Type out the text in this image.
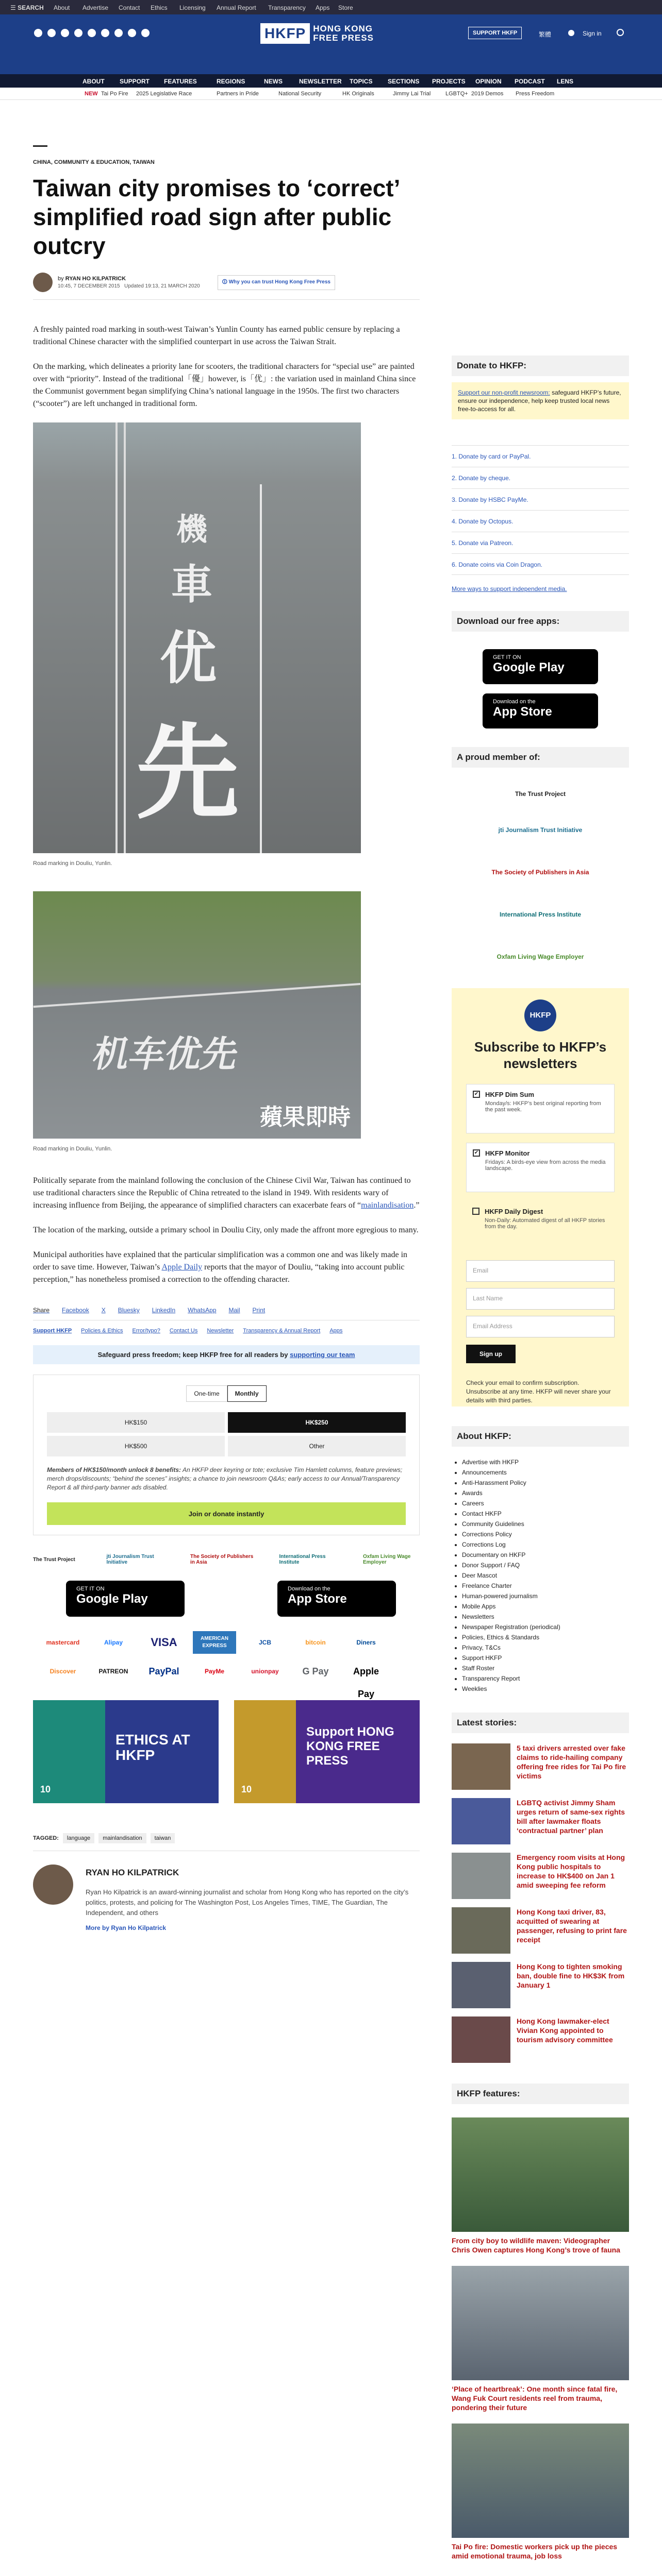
☰ SEARCH About Advertise Contact Ethics Licensing Annual Report Transparency Apps Store
HKFP HONG KONG
FREE PRESS	SUPPORT HKFP	繁體	Sign in
ABOUT SUPPORT FEATURES	REGIONS	NEWS	NEWSLETTER TOPICS SECTIONS PROJECTS OPINION PODCAST LENS
NEW Tai Po Fire 2025 Legislative Race	Partners in Pride	National Security	HK Originals	Jimmy Lai Trial	LGBTQ+ 2019 Demos Press Freedom
CHINA, COMMUNITY & EDUCATION, TAIWAN
Taiwan city promises to ‘correct’ simplified road sign after public outcry
by RYAN HO KILPATRICK
10:45, 7 DECEMBER 2015 Updated 19:13, 21 MARCH 2020
🛈 Why you can trust Hong Kong Free Press

A freshly painted road marking in south-west Taiwan’s Yunlin County has earned public censure by replacing a traditional Chinese character with the simplified counterpart in use across the Taiwan Strait.

On the marking, which delineates a priority lane for scooters, the traditional characters for “special use” are painted over with “priority”. Instead of the traditional「優」however, is「优」: the variation used in mainland China since the Communist government began simplifying China’s national language in the 1950s. The first two characters (“scooter”) are left unchanged in traditional form.

機
車
优
先
Road marking in Douliu, Yunlin.
机车优先
蘋果即時
Road marking in Douliu, Yunlin.

Politically separate from the mainland following the conclusion of the Chinese Civil War, Taiwan has continued to use traditional characters since the Republic of China retreated to the island in 1949. With residents wary of increasing influence from Beijing, the appearance of simplified characters can exacerbate fears of “mainlandisation.”

The location of the marking, outside a primary school in Douliu City, only made the affront more egregious to many.

Municipal authorities have explained that the particular simplification was a common one and was likely made in order to save time. However, Taiwan’s Apple Daily reports that the mayor of Douliu, “taking into account public perception,” has nonetheless promised a correction to the offending character.

Share Facebook X Bluesky LinkedIn WhatsApp Mail Print
Support HKFP Policies & Ethics Error/typo? Contact Us Newsletter Transparency & Annual Report Apps
Safeguard press freedom; keep HKFP free for all readers by supporting our team
One-time	Monthly
HK$150	HK$250
HK$500	Other

Members of HK$150/month unlock 8 benefits: An HKFP deer keyring or tote; exclusive Tim Hamlett columns, feature previews; merch drops/discounts; “behind the scenes” insights; a chance to join newsroom Q&As; early access to our Annual/Transparency Report & all third-party banner ads disabled.

Join or donate instantly
The Trust Project	jti Journalism Trust Initiative
The Society of Publishers in Asia
International Press Institute
Oxfam Living Wage Employer
GET IT ON
Google Play
Download on the
App Store
mastercard	Alipay	VISA	AMERICAN EXPRESS	JCB	bitcoin	Diners
Discover	PATREON	PayPal	PayMe	unionpay	G Pay	Apple Pay
ETHICS AT HKFP
10
Support HONG KONG FREE PRESS
10
TAGGED:	language	mainlandisation	taiwan
RYAN HO KILPATRICK

Ryan Ho Kilpatrick is an award-winning journalist and scholar from Hong Kong who has reported on the city’s politics, protests, and policing for The Washington Post, Los Angeles Times, TIME, The Guardian, The Independent, and others

More by Ryan Ho Kilpatrick
Donate to HKFP:

Support our non-profit newsroom: safeguard HKFP’s future, ensure our independence, help keep trusted local news free-to-access for all.

1. Donate by card or PayPal.
2. Donate by cheque.
3. Donate by HSBC PayMe.
4. Donate by Octopus.
5. Donate via Patreon.
6. Donate coins via Coin Dragon.
More ways to support independent media.
Download our free apps:
GET IT ON
Google Play
Download on the
App Store
A proud member of:
The Trust Project
jti Journalism Trust Initiative
The Society of Publishers in Asia
International Press Institute
Oxfam Living Wage Employer
HKFP
Subscribe to HKFP’s newsletters
✔ HKFP Dim Sum
Monday/s: HKFP’s best original reporting from the past week.
✔ HKFP Monitor
Fridays: A birds-eye view from across the media landscape.
HKFP Daily Digest
Non-Daily: Automated digest of all HKFP stories from the day.
Email
Last Name
Email Address
Sign up

Check your email to confirm subscription. Unsubscribe at any time. HKFP will never share your details with third parties.

About HKFP:
• Advertise with HKFP
• Announcements
• Anti-Harassment Policy
• Awards
• Careers
• Contact HKFP
• Community Guidelines
• Corrections Policy
• Corrections Log
• Documentary on HKFP
• Donor Support / FAQ
• Deer Mascot
• Freelance Charter
• Human-powered journalism
• Mobile Apps
• Newsletters
• Newspaper Registration (periodical)
• Policies, Ethics & Standards
• Privacy, T&Cs
• Support HKFP
• Staff Roster
• Transparency Report
• Weeklies
Latest stories:
5 taxi drivers arrested over fake claims to ride-hailing company offering free rides for Tai Po fire victims
LGBTQ activist Jimmy Sham urges return of same-sex rights bill after lawmaker floats ‘contractual partner’ plan
Emergency room visits at Hong Kong public hospitals to increase to HK$400 on Jan 1 amid sweeping fee reform
Hong Kong taxi driver, 83, acquitted of swearing at passenger, refusing to print fare receipt
Hong Kong to tighten smoking ban, double fine to HK$3K from January 1
Hong Kong lawmaker-elect Vivian Kong appointed to tourism advisory committee
HKFP features:
From city boy to wildlife maven: Videographer Chris Owen captures Hong Kong’s trove of fauna
‘Place of heartbreak’: One month since fatal fire, Wang Fuk Court residents reel from trauma, pondering their future
Tai Po fire: Domestic workers pick up the pieces amid emotional trauma, job loss
